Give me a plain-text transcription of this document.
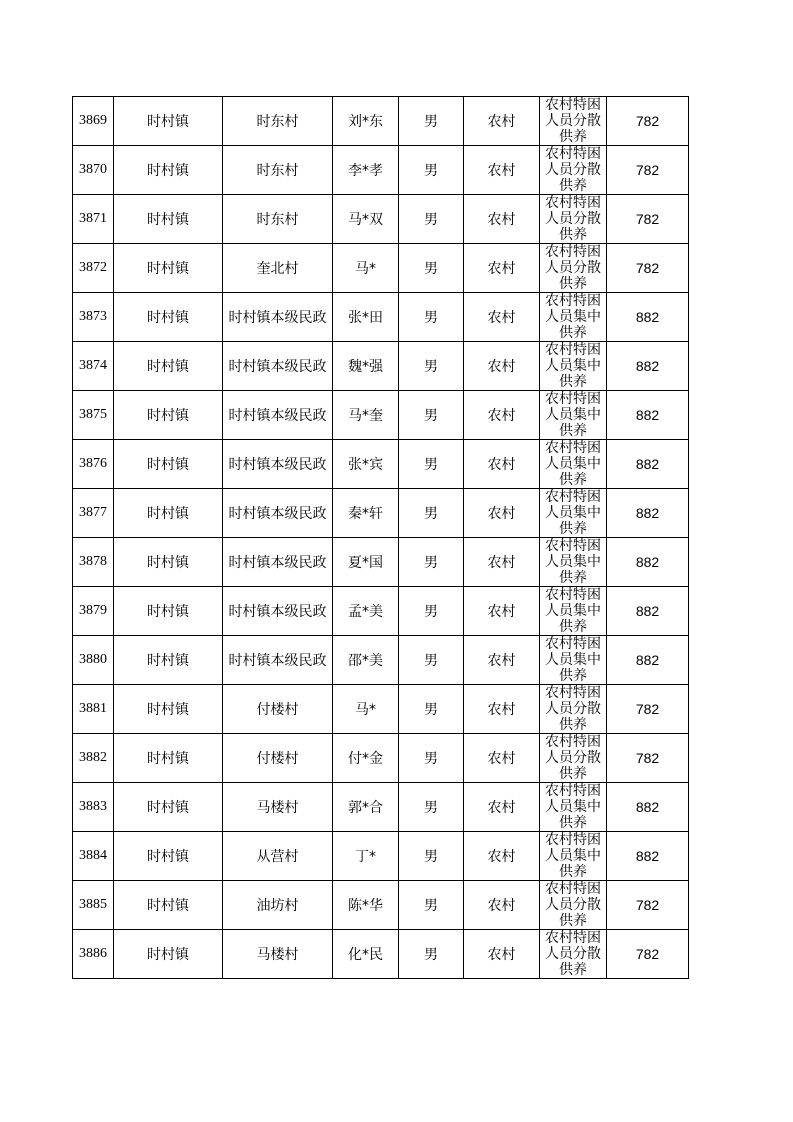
3869	时村镇	时东村	刘*东	男	农村	农村特困人员分散供养	782
3870	时村镇	时东村	李*孝	男	农村	农村特困人员分散供养	782
3871	时村镇	时东村	马*双	男	农村	农村特困人员分散供养	782
3872	时村镇	奎北村	马*	男	农村	农村特困人员分散供养	782
3873	时村镇	时村镇本级民政	张*田	男	农村	农村特困人员集中供养	882
3874	时村镇	时村镇本级民政	魏*强	男	农村	农村特困人员集中供养	882
3875	时村镇	时村镇本级民政	马*奎	男	农村	农村特困人员集中供养	882
3876	时村镇	时村镇本级民政	张*宾	男	农村	农村特困人员集中供养	882
3877	时村镇	时村镇本级民政	秦*轩	男	农村	农村特困人员集中供养	882
3878	时村镇	时村镇本级民政	夏*国	男	农村	农村特困人员集中供养	882
3879	时村镇	时村镇本级民政	孟*美	男	农村	农村特困人员集中供养	882
3880	时村镇	时村镇本级民政	邵*美	男	农村	农村特困人员集中供养	882
3881	时村镇	付楼村	马*	男	农村	农村特困人员分散供养	782
3882	时村镇	付楼村	付*金	男	农村	农村特困人员分散供养	782
3883	时村镇	马楼村	郭*合	男	农村	农村特困人员集中供养	882
3884	时村镇	从营村	丁*	男	农村	农村特困人员集中供养	882
3885	时村镇	油坊村	陈*华	男	农村	农村特困人员分散供养	782
3886	时村镇	马楼村	化*民	男	农村	农村特困人员分散供养	782
